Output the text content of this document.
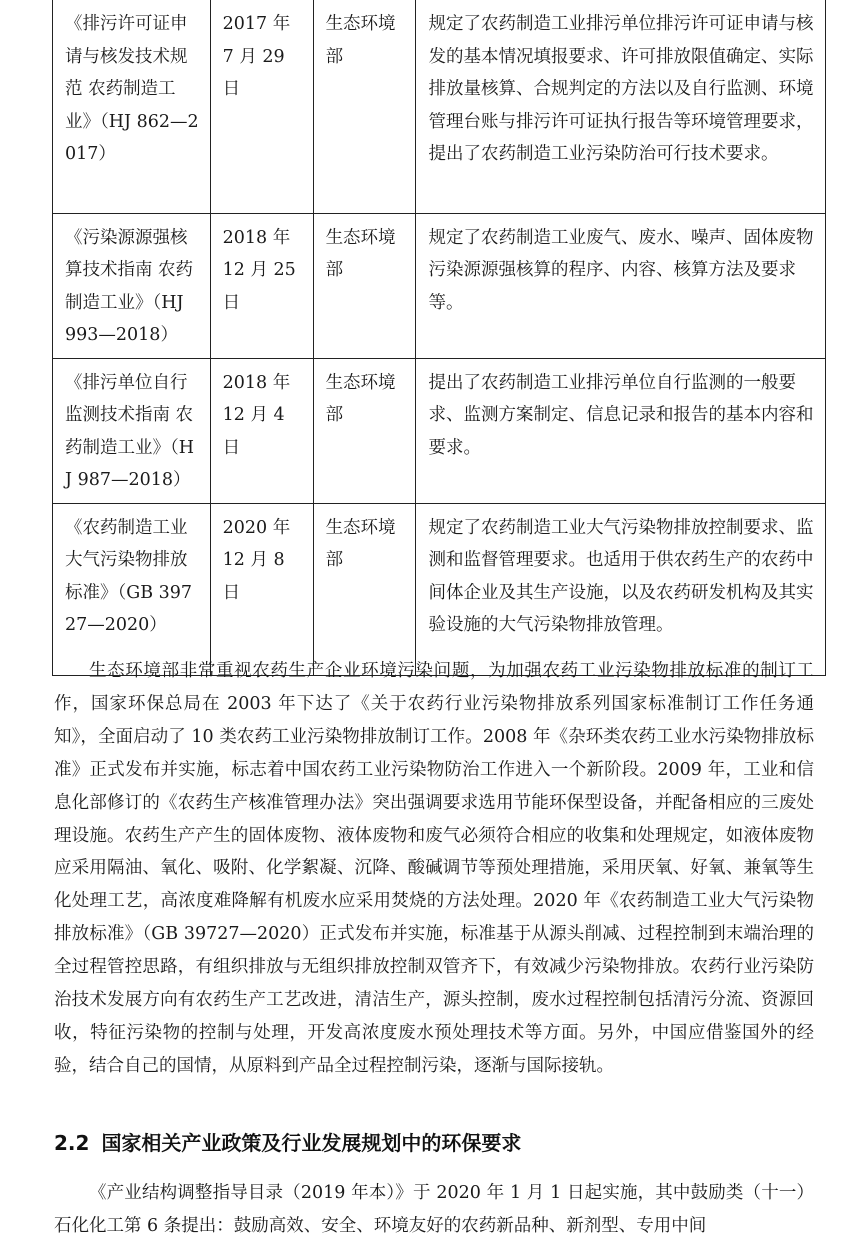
《排污许可证申请与核发技术规范 农药制造工业》（HJ 862—2017）	2017 年 7 月 29 日	生态环境部	规定了农药制造工业排污单位排污许可证申请与核发的基本情况填报要求、许可排放限值确定、实际排放量核算、合规判定的方法以及自行监测、环境管理台账与排污许可证执行报告等环境管理要求，提出了农药制造工业污染防治可行技术要求。
《污染源源强核算技术指南 农药制造工业》（HJ 993—2018）	2018 年 12 月 25 日	生态环境部	规定了农药制造工业废气、废水、噪声、固体废物污染源源强核算的程序、内容、核算方法及要求等。
《排污单位自行监测技术指南 农药制造工业》（HJ 987—2018）	2018 年 12 月 4 日	生态环境部	提出了农药制造工业排污单位自行监测的一般要求、监测方案制定、信息记录和报告的基本内容和要求。
《农药制造工业大气污染物排放标准》（GB 39727—2020）	2020 年 12 月 8 日	生态环境部	规定了农药制造工业大气污染物排放控制要求、监测和监督管理要求。也适用于供农药生产的农药中间体企业及其生产设施，以及农药研发机构及其实验设施的大气污染物排放管理。

生态环境部非常重视农药生产企业环境污染问题，为加强农药工业污染物排放标准的制订工作，国家环保总局在 2003 年下达了《关于农药行业污染物排放系列国家标准制订工作任务通知》，全面启动了 10 类农药工业污染物排放制订工作。2008 年《杂环类农药工业水污染物排放标准》正式发布并实施，标志着中国农药工业污染物防治工作进入一个新阶段。2009 年，工业和信息化部修订的《农药生产核准管理办法》突出强调要求选用节能环保型设备，并配备相应的三废处理设施。农药生产产生的固体废物、液体废物和废气必须符合相应的收集和处理规定，如液体废物应采用隔油、氧化、吸附、化学絮凝、沉降、酸碱调节等预处理措施，采用厌氧、好氧、兼氧等生化处理工艺，高浓度难降解有机废水应采用焚烧的方法处理。2020 年《农药制造工业大气污染物排放标准》（GB 39727—2020）正式发布并实施，标准基于从源头削减、过程控制到末端治理的全过程管控思路，有组织排放与无组织排放控制双管齐下，有效减少污染物排放。农药行业污染防治技术发展方向有农药生产工艺改进，清洁生产，源头控制，废水过程控制包括清污分流、资源回收，特征污染物的控制与处理，开发高浓度废水预处理技术等方面。另外，中国应借鉴国外的经验，结合自己的国情，从原料到产品全过程控制污染，逐渐与国际接轨。

2.2 国家相关产业政策及行业发展规划中的环保要求

《产业结构调整指导目录（2019 年本）》于 2020 年 1 月 1 日起实施，其中鼓励类（十一）石化化工第 6 条提出：鼓励高效、安全、环境友好的农药新品种、新剂型、专用中间
